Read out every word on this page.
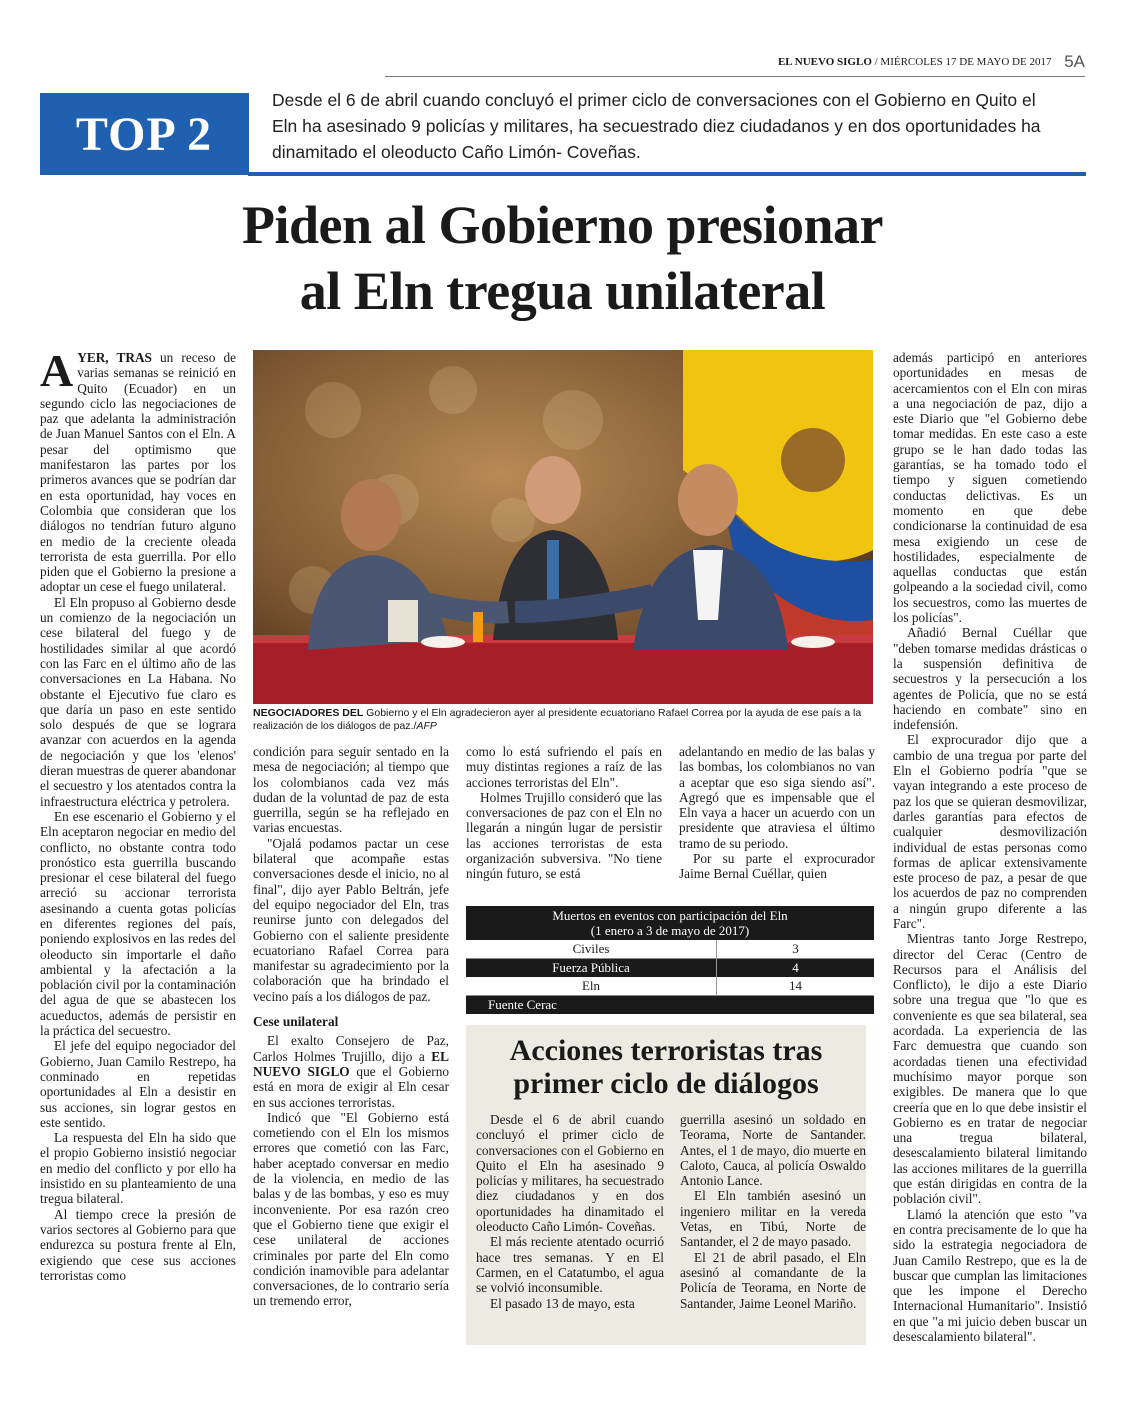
EL NUEVO SIGLO / MIÉRCOLES 17 DE MAYO DE 2017 5A
TOP 2
Desde el 6 de abril cuando concluyó el primer ciclo de conversaciones con el Gobierno en Quito el Eln ha asesinado 9 policías y militares, ha secuestrado diez ciudadanos y en dos oportunidades ha dinamitado el oleoducto Caño Limón- Coveñas.
Piden al Gobierno presionar
al Eln tregua unilateral

AYER, TRAS un receso de varias semanas se reinició en Quito (Ecuador) en un segundo ciclo las negociaciones de paz que adelanta la administración de Juan Manuel Santos con el Eln. A pesar del optimismo que manifestaron las partes por los primeros avances que se podrían dar en esta oportunidad, hay voces en Colombia que consideran que los diálogos no tendrían futuro alguno en medio de la creciente oleada terrorista de esta guerrilla. Por ello piden que el Gobierno la presione a adoptar un cese el fuego unilateral.

El Eln propuso al Gobierno desde un comienzo de la negociación un cese bilateral del fuego y de hostilidades similar al que acordó con las Farc en el último año de las conversaciones en La Habana. No obstante el Ejecutivo fue claro es que daría un paso en este sentido solo después de que se lograra avanzar con acuerdos en la agenda de negociación y que los 'elenos' dieran muestras de querer abandonar el secuestro y los atentados contra la infraestructura eléctrica y petrolera.

En ese escenario el Gobierno y el Eln aceptaron negociar en medio del conflicto, no obstante contra todo pronóstico esta guerrilla buscando presionar el cese bilateral del fuego arreció su accionar terrorista asesinando a cuenta gotas policías en diferentes regiones del país, poniendo explosivos en las redes del oleoducto sin importarle el daño ambiental y la afectación a la población civil por la contaminación del agua de que se abastecen los acueductos, además de persistir en la práctica del secuestro.

El jefe del equipo negociador del Gobierno, Juan Camilo Restrepo, ha conminado en repetidas oportunidades al Eln a desistir en sus acciones, sin lograr gestos en este sentido.

La respuesta del Eln ha sido que el propio Gobierno insistió negociar en medio del conflicto y por ello ha insistido en su planteamiento de una tregua bilateral.

Al tiempo crece la presión de varios sectores al Gobierno para que endurezca su postura frente al Eln, exigiendo que cese sus acciones terroristas como

NEGOCIADORES DEL Gobierno y el Eln agradecieron ayer al presidente ecuatoriano Rafael Correa por la ayuda de ese país a la realización de los diálogos de paz./AFP

condición para seguir sentado en la mesa de negociación; al tiempo que los colombianos cada vez más dudan de la voluntad de paz de esta guerrilla, según se ha reflejado en varias encuestas.

"Ojalá podamos pactar un cese bilateral que acompañe estas conversaciones desde el inicio, no al final", dijo ayer Pablo Beltrán, jefe del equipo negociador del Eln, tras reunirse junto con delegados del Gobierno con el saliente presidente ecuatoriano Rafael Correa para manifestar su agradecimiento por la colaboración que ha brindado el vecino país a los diálogos de paz.

Cese unilateral

El exalto Consejero de Paz, Carlos Holmes Trujillo, dijo a EL NUEVO SIGLO que el Gobierno está en mora de exigir al Eln cesar en sus acciones terroristas.

Indicó que "El Gobierno está cometiendo con el Eln los mismos errores que cometió con las Farc, haber aceptado conversar en medio de la violencia, en medio de las balas y de las bombas, y eso es muy inconveniente. Por esa razón creo que el Gobierno tiene que exigir el cese unilateral de acciones criminales por parte del Eln como condición inamovible para adelantar conversaciones, de lo contrario sería un tremendo error,

como lo está sufriendo el país en muy distintas regiones a raíz de las acciones terroristas del Eln".

Holmes Trujillo consideró que las conversaciones de paz con el Eln no llegarán a ningún lugar de persistir las acciones terroristas de esta organización subversiva. "No tiene ningún futuro, se está

adelantando en medio de las balas y las bombas, los colombianos no van a aceptar que eso siga siendo así". Agregó que es impensable que el Eln vaya a hacer un acuerdo con un presidente que atraviesa el último tramo de su periodo.

Por su parte el exprocurador Jaime Bernal Cuéllar, quien

Muertos en eventos con participación del Eln
(1 enero a 3 de mayo de 2017)
Civiles	3
Fuerza Pública	4
Eln	14
Fuente Cerac
Acciones terroristas tras
primer ciclo de diálogos

Desde el 6 de abril cuando concluyó el primer ciclo de conversaciones con el Gobierno en Quito el Eln ha asesinado 9 policías y militares, ha secuestrado diez ciudadanos y en dos oportunidades ha dinamitado el oleoducto Caño Limón- Coveñas.

El más reciente atentado ocurrió hace tres semanas. Y en El Carmen, en el Catatumbo, el agua se volvió inconsumible.

El pasado 13 de mayo, esta

guerrilla asesinó un soldado en Teorama, Norte de Santander. Antes, el 1 de mayo, dio muerte en Caloto, Cauca, al policía Oswaldo Antonio Lance.

El Eln también asesinó un ingeniero militar en la vereda Vetas, en Tibú, Norte de Santander, el 2 de mayo pasado.

El 21 de abril pasado, el Eln asesinó al comandante de la Policía de Teorama, en Norte de Santander, Jaime Leonel Mariño.

además participó en anteriores oportunidades en mesas de acercamientos con el Eln con miras a una negociación de paz, dijo a este Diario que "el Gobierno debe tomar medidas. En este caso a este grupo se le han dado todas las garantías, se ha tomado todo el tiempo y siguen cometiendo conductas delictivas. Es un momento en que debe condicionarse la continuidad de esa mesa exigiendo un cese de hostilidades, especialmente de aquellas conductas que están golpeando a la sociedad civil, como los secuestros, como las muertes de los policías".

Añadió Bernal Cuéllar que "deben tomarse medidas drásticas o la suspensión definitiva de secuestros y la persecución a los agentes de Policía, que no se está haciendo en combate" sino en indefensión.

El exprocurador dijo que a cambio de una tregua por parte del Eln el Gobierno podría "que se vayan integrando a este proceso de paz los que se quieran desmovilizar, darles garantías para efectos de cualquier desmovilización individual de estas personas como formas de aplicar extensivamente este proceso de paz, a pesar de que los acuerdos de paz no comprenden a ningún grupo diferente a las Farc".

Mientras tanto Jorge Restrepo, director del Cerac (Centro de Recursos para el Análisis del Conflicto), le dijo a este Diario sobre una tregua que "lo que es conveniente es que sea bilateral, sea acordada. La experiencia de las Farc demuestra que cuando son acordadas tienen una efectividad muchísimo mayor porque son exigibles. De manera que lo que creería que en lo que debe insistir el Gobierno es en tratar de negociar una tregua bilateral, desescalamiento bilateral limitando las acciones militares de la guerrilla que están dirigidas en contra de la población civil".

Llamó la atención que esto "va en contra precisamente de lo que ha sido la estrategia negociadora de Juan Camilo Restrepo, que es la de buscar que cumplan las limitaciones que les impone el Derecho Internacional Humanitario". Insistió en que "a mi juicio deben buscar un desescalamiento bilateral".
